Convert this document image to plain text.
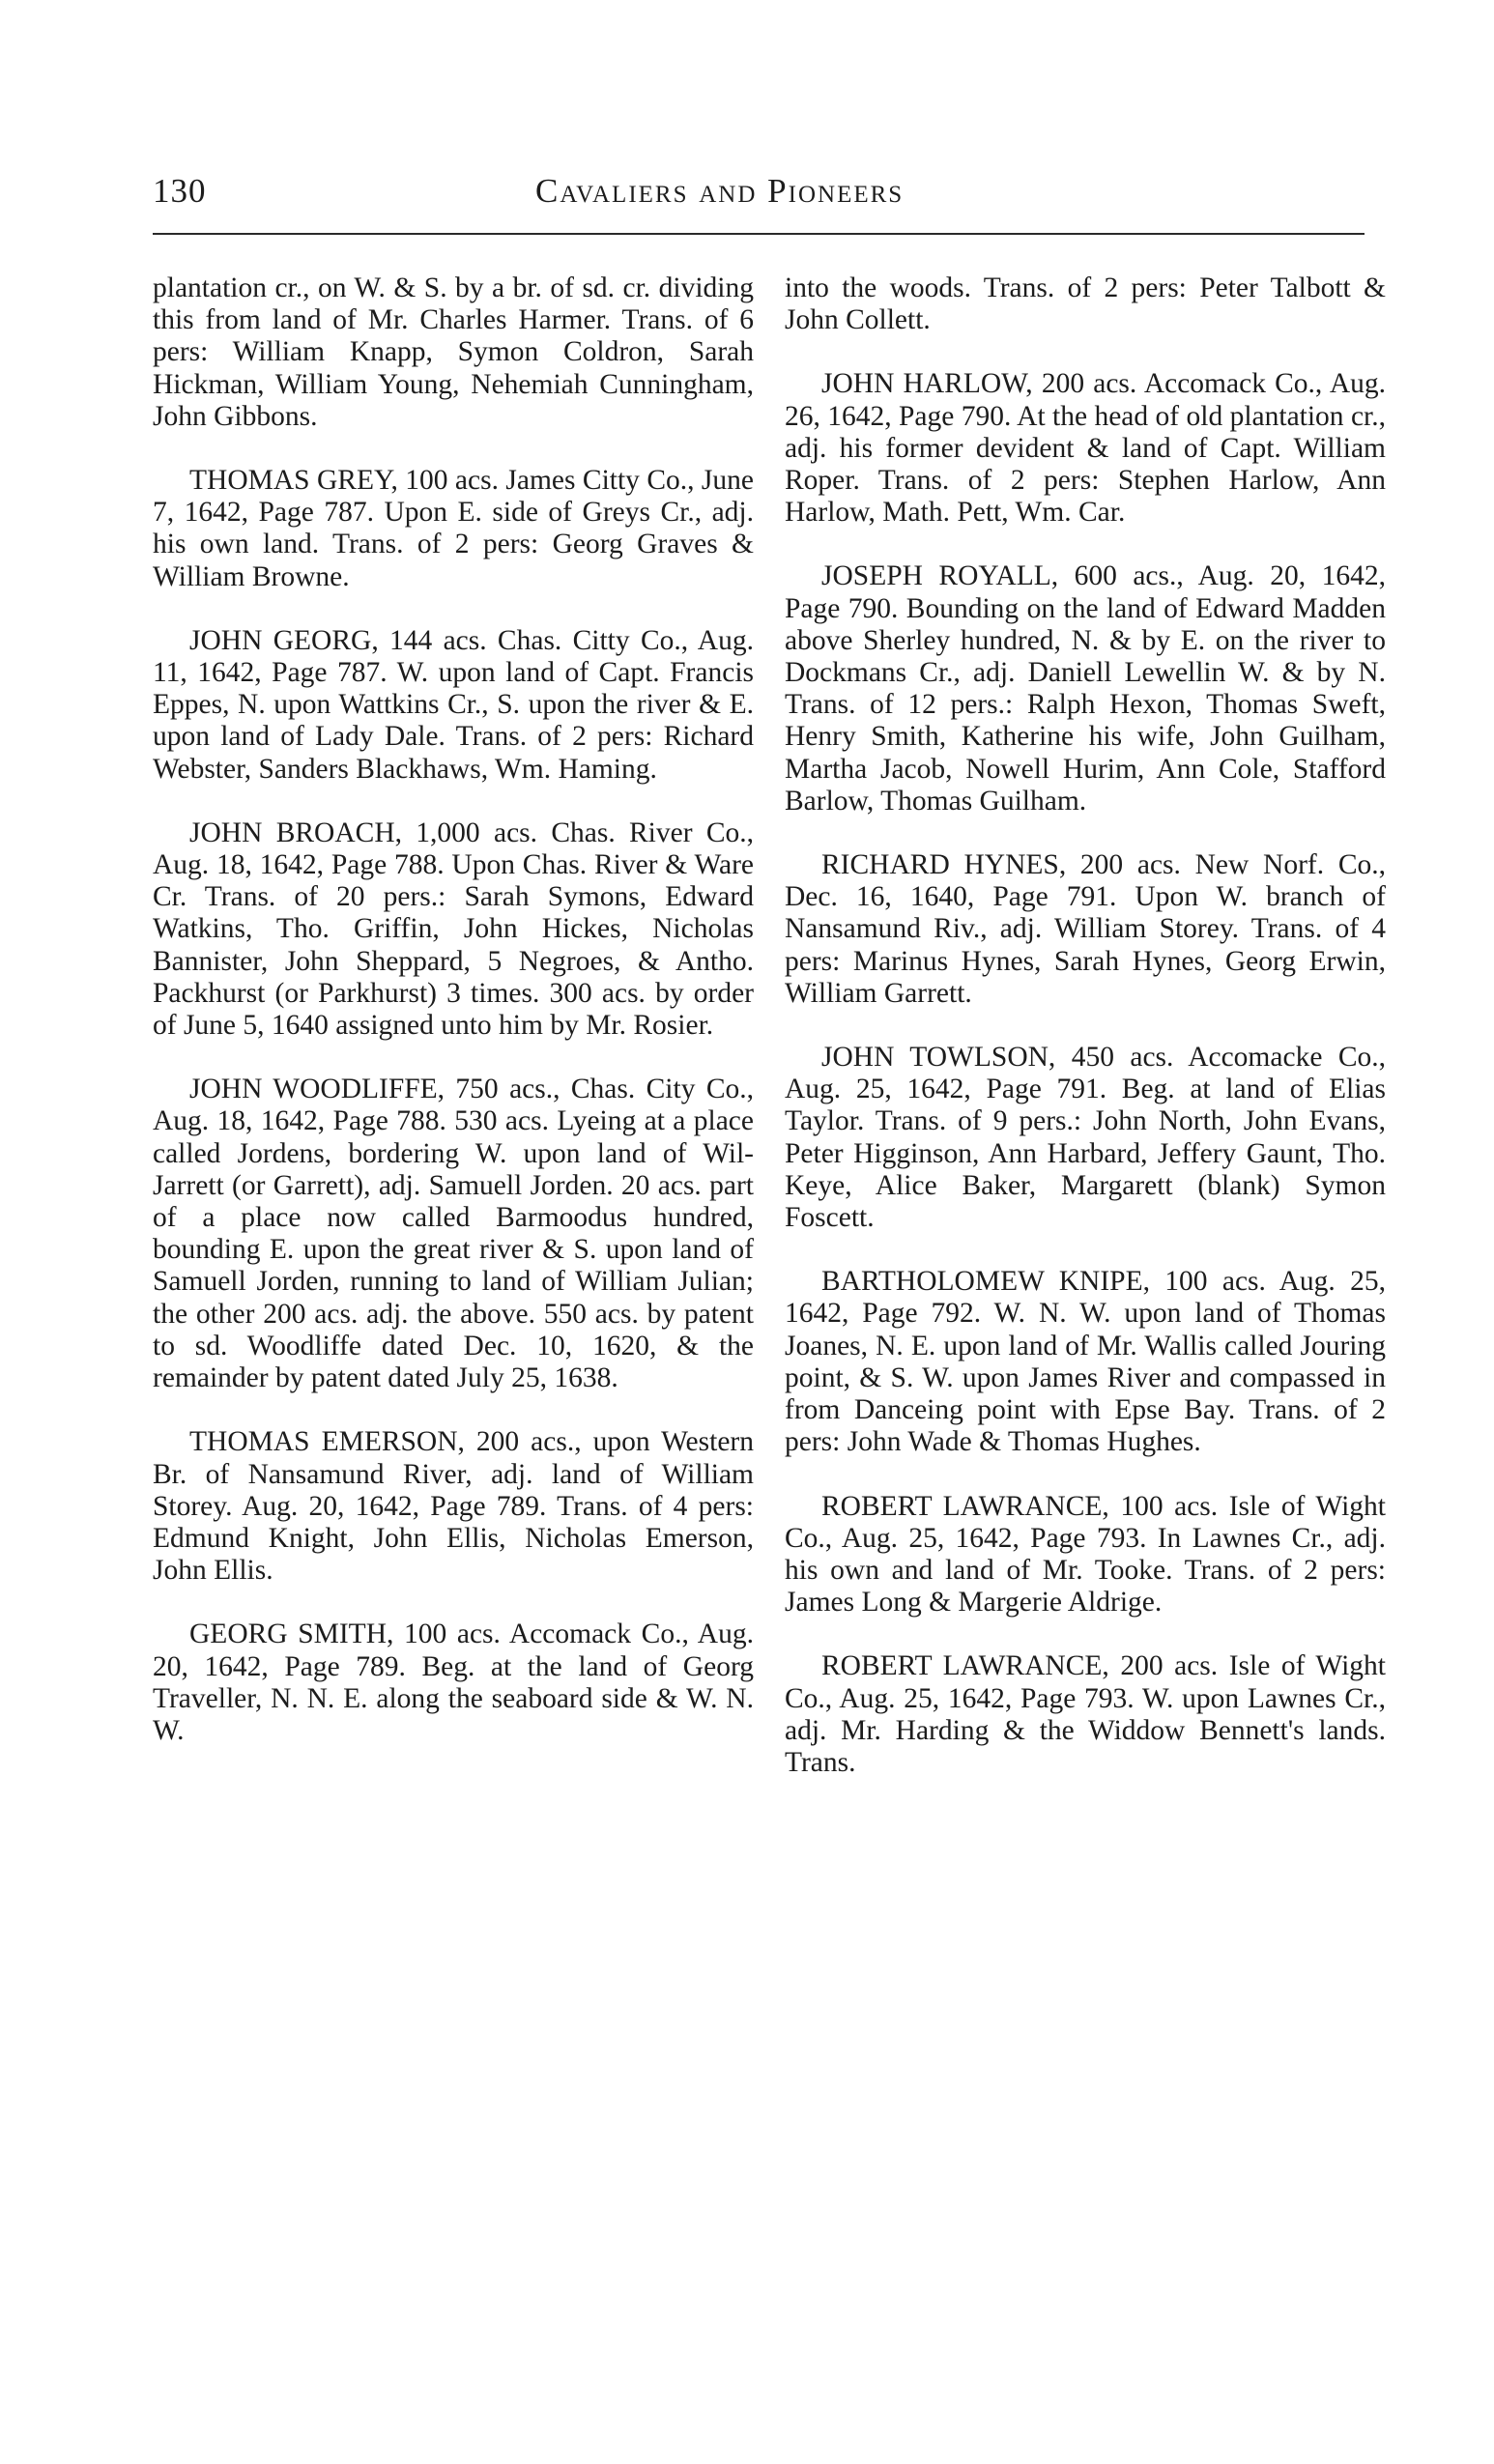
130	Cavaliers and Pioneers

plantation cr., on W. & S. by a br. of sd. cr. dividing this from land of Mr. Charles Harmer. Trans. of 6 pers: William Knapp, Symon Coldron, Sarah Hickman, William Young, Nehemiah Cunningham, John Gibbons.

THOMAS GREY, 100 acs. James Citty Co., June 7, 1642, Page 787. Upon E. side of Greys Cr., adj. his own land. Trans. of 2 pers: Georg Graves & William Browne.

JOHN GEORG, 144 acs. Chas. Citty Co., Aug. 11, 1642, Page 787. W. upon land of Capt. Francis Eppes, N. upon Wattkins Cr., S. upon the river & E. upon land of Lady Dale. Trans. of 2 pers: Richard Webster, Sanders Blackhaws, Wm. Haming.

JOHN BROACH, 1,000 acs. Chas. River Co., Aug. 18, 1642, Page 788. Upon Chas. River & Ware Cr. Trans. of 20 pers.: Sarah Symons, Edward Watkins, Tho. Griffin, John Hickes, Nicholas Bannister, John Sheppard, 5 Negroes, & Antho. Packhurst (or Parkhurst) 3 times. 300 acs. by order of June 5, 1640 assigned unto him by Mr. Rosier.

JOHN WOODLIFFE, 750 acs., Chas. City Co., Aug. 18, 1642, Page 788. 530 acs. Lyeing at a place called Jordens, bordering W. upon land of Wil-Jarrett (or Garrett), adj. Samuell Jorden. 20 acs. part of a place now called Barmoodus hundred, bounding E. upon the great river & S. upon land of Samuell Jorden, running to land of William Julian; the other 200 acs. adj. the above. 550 acs. by patent to sd. Woodliffe dated Dec. 10, 1620, & the remainder by patent dated July 25, 1638.

THOMAS EMERSON, 200 acs., upon Western Br. of Nansamund River, adj. land of William Storey. Aug. 20, 1642, Page 789. Trans. of 4 pers: Edmund Knight, John Ellis, Nicholas Emerson, John Ellis.

GEORG SMITH, 100 acs. Accomack Co., Aug. 20, 1642, Page 789. Beg. at the land of Georg Traveller, N. N. E. along the seaboard side & W. N. W.

into the woods. Trans. of 2 pers: Peter Talbott & John Collett.

JOHN HARLOW, 200 acs. Accomack Co., Aug. 26, 1642, Page 790. At the head of old plantation cr., adj. his former devident & land of Capt. William Roper. Trans. of 2 pers: Stephen Harlow, Ann Harlow, Math. Pett, Wm. Car.

JOSEPH ROYALL, 600 acs., Aug. 20, 1642, Page 790. Bounding on the land of Edward Madden above Sherley hundred, N. & by E. on the river to Dockmans Cr., adj. Daniell Lewellin W. & by N. Trans. of 12 pers.: Ralph Hexon, Thomas Sweft, Henry Smith, Katherine his wife, John Guilham, Martha Jacob, Nowell Hurim, Ann Cole, Stafford Barlow, Thomas Guilham.

RICHARD HYNES, 200 acs. New Norf. Co., Dec. 16, 1640, Page 791. Upon W. branch of Nansamund Riv., adj. William Storey. Trans. of 4 pers: Marinus Hynes, Sarah Hynes, Georg Erwin, William Garrett.

JOHN TOWLSON, 450 acs. Accomacke Co., Aug. 25, 1642, Page 791. Beg. at land of Elias Taylor. Trans. of 9 pers.: John North, John Evans, Peter Higginson, Ann Harbard, Jeffery Gaunt, Tho. Keye, Alice Baker, Margarett (blank) Symon Foscett.

BARTHOLOMEW KNIPE, 100 acs. Aug. 25, 1642, Page 792. W. N. W. upon land of Thomas Joanes, N. E. upon land of Mr. Wallis called Jouring point, & S. W. upon James River and compassed in from Danceing point with Epse Bay. Trans. of 2 pers: John Wade & Thomas Hughes.

ROBERT LAWRANCE, 100 acs. Isle of Wight Co., Aug. 25, 1642, Page 793. In Lawnes Cr., adj. his own and land of Mr. Tooke. Trans. of 2 pers: James Long & Margerie Aldrige.

ROBERT LAWRANCE, 200 acs. Isle of Wight Co., Aug. 25, 1642, Page 793. W. upon Lawnes Cr., adj. Mr. Harding & the Widdow Bennett's lands. Trans.
